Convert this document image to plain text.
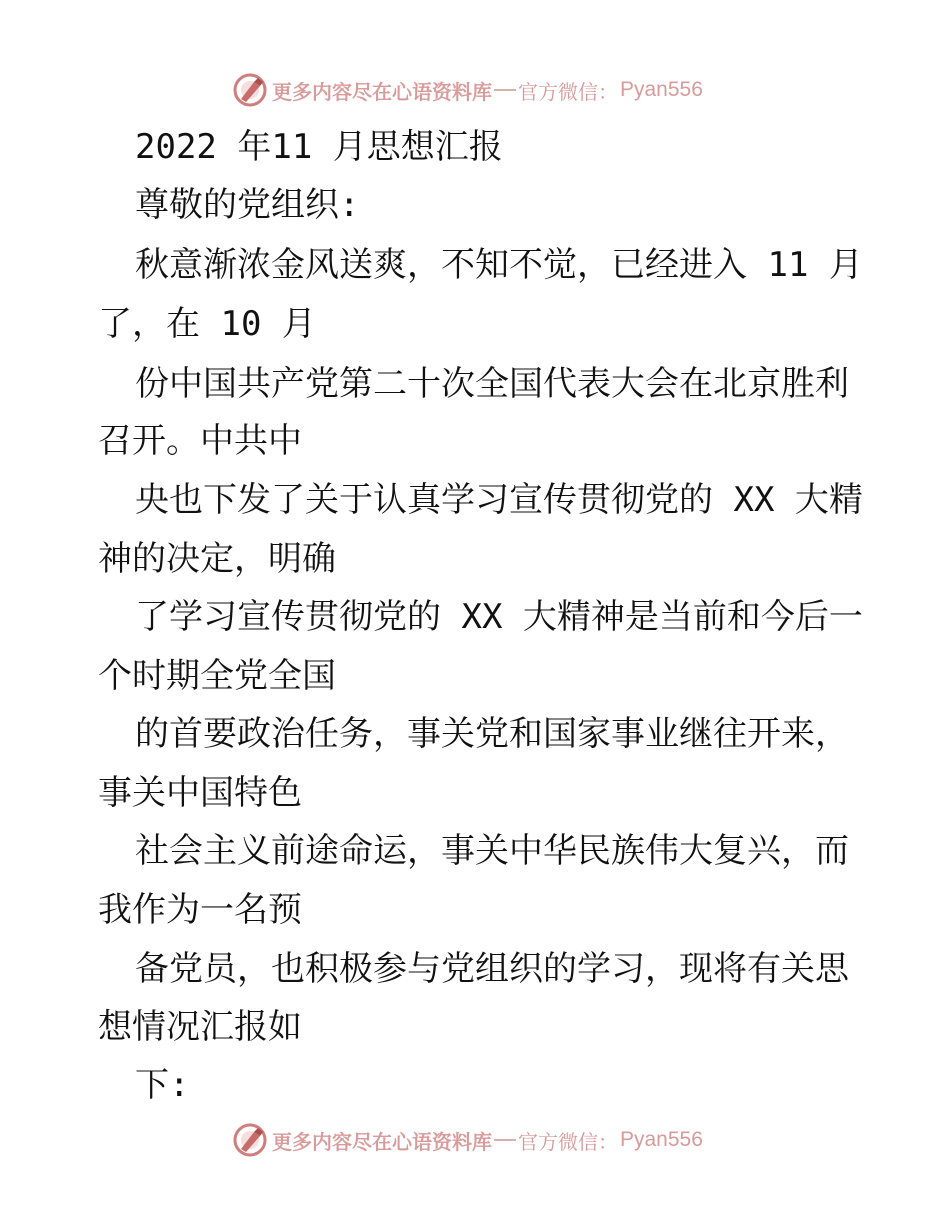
更多内容尽在心语资料库 官方微信： Pyan556
2022 年11 月思想汇报
尊敬的党组织:
秋意渐浓金风送爽，不知不觉，已经进入 11 月
了，在 10 月
份中国共产党第二十次全国代表大会在北京胜利
召开。中共中
央也下发了关于认真学习宣传贯彻党的 XX 大精
神的决定，明确
了学习宣传贯彻党的 XX 大精神是当前和今后一
个时期全党全国
的首要政治任务，事关党和国家事业继往开来，
事关中国特色
社会主义前途命运，事关中华民族伟大复兴，而
我作为一名预
备党员，也积极参与党组织的学习，现将有关思
想情况汇报如
下:
更多内容尽在心语资料库 官方微信： Pyan556
